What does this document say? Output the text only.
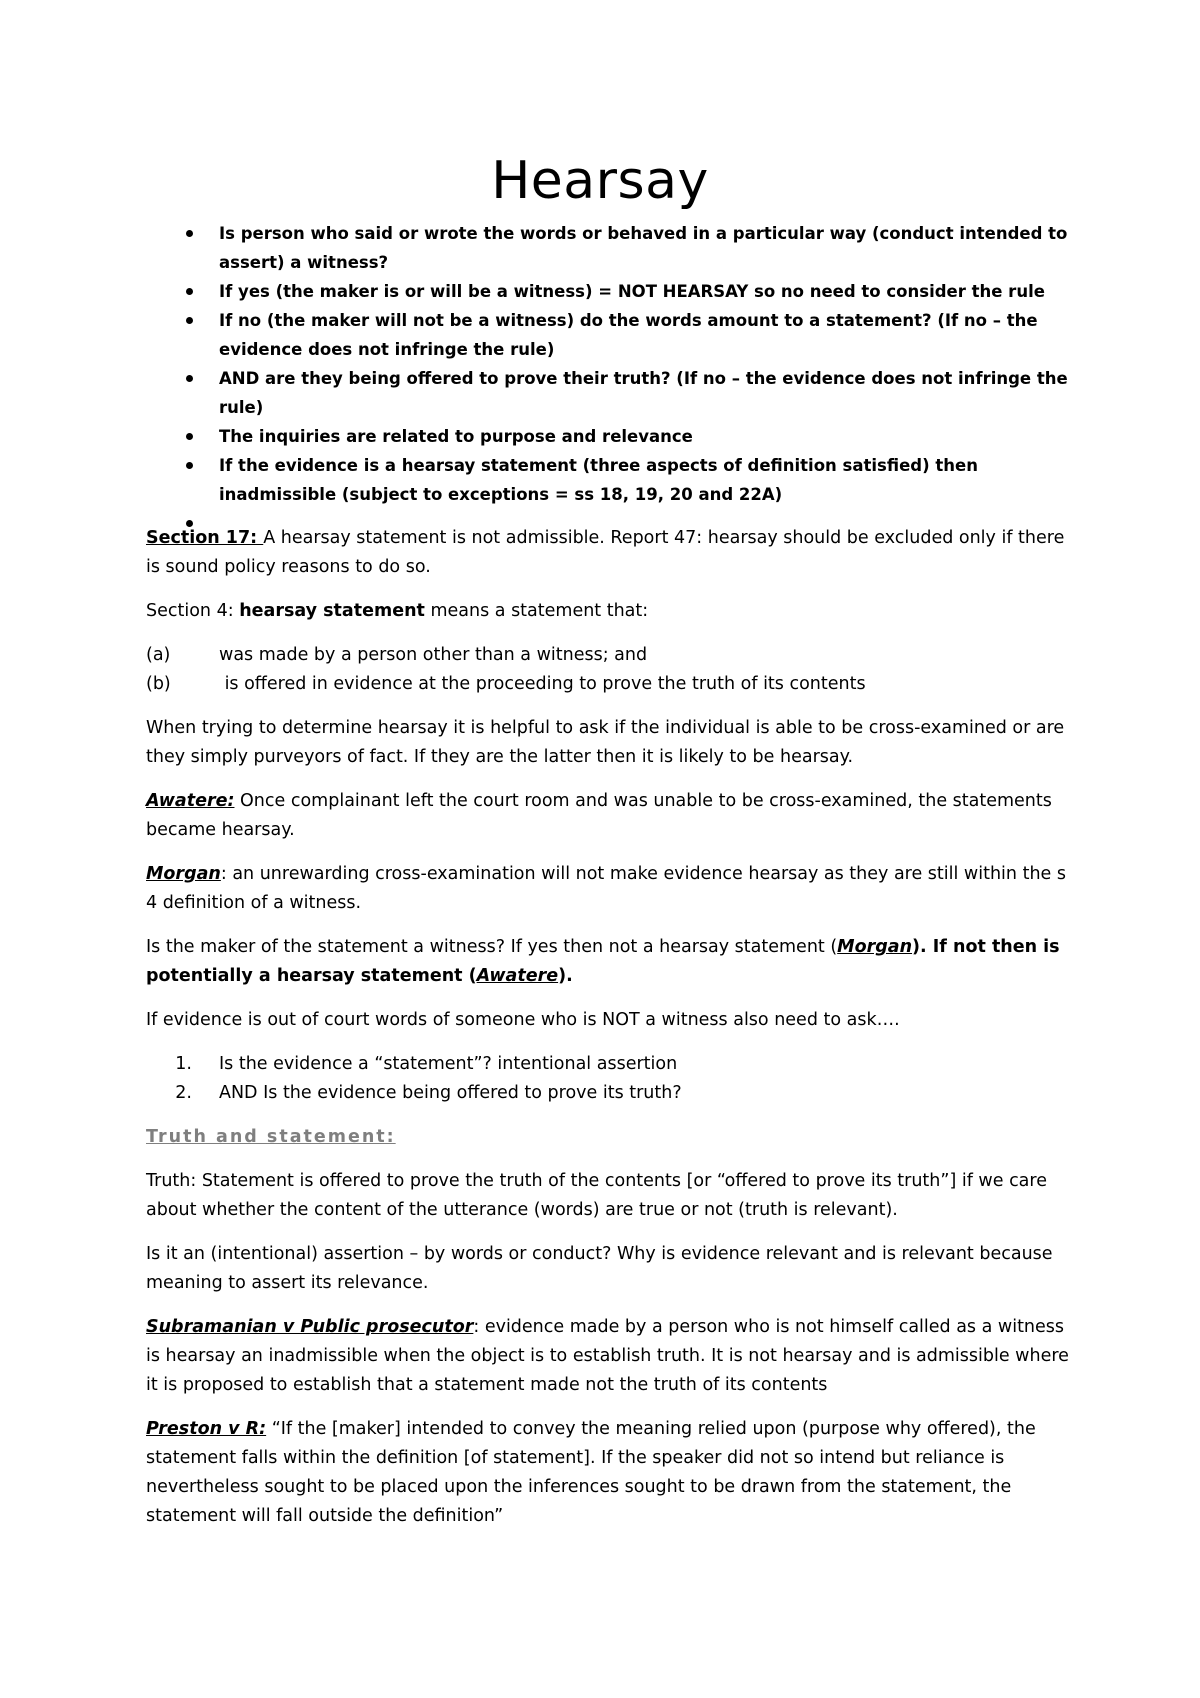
Hearsay
Is person who said or wrote the words or behaved in a particular way (conduct intended to assert) a witness?
If yes (the maker is or will be a witness) = NOT HEARSAY so no need to consider the rule
If no (the maker will not be a witness) do the words amount to a statement? (If no – the evidence does not infringe the rule)
AND are they being offered to prove their truth? (If no – the evidence does not infringe the rule)
The inquiries are related to purpose and relevance
If the evidence is a hearsay statement (three aspects of definition satisfied) then inadmissible (subject to exceptions = ss 18, 19, 20 and 22A)

Section 17: A hearsay statement is not admissible. Report 47: hearsay should be excluded only if there is sound policy reasons to do so.

Section 4: hearsay statement means a statement that:

(a)	was made by a person other than a witness; and
(b)	is offered in evidence at the proceeding to prove the truth of its contents

When trying to determine hearsay it is helpful to ask if the individual is able to be cross-examined or are they simply purveyors of fact. If they are the latter then it is likely to be hearsay.

Awatere: Once complainant left the court room and was unable to be cross-examined, the statements became hearsay.

Morgan: an unrewarding cross-examination will not make evidence hearsay as they are still within the s 4 definition of a witness.

Is the maker of the statement a witness? If yes then not a hearsay statement (Morgan). If not then is potentially a hearsay statement (Awatere).

If evidence is out of court words of someone who is NOT a witness also need to ask….

1. Is the evidence a “statement”? intentional assertion
2. AND Is the evidence being offered to prove its truth?

Truth and statement:

Truth: Statement is offered to prove the truth of the contents [or “offered to prove its truth”] if we care about whether the content of the utterance (words) are true or not (truth is relevant).

Is it an (intentional) assertion – by words or conduct? Why is evidence relevant and is relevant because meaning to assert its relevance.

Subramanian v Public prosecutor: evidence made by a person who is not himself called as a witness is hearsay an inadmissible when the object is to establish truth. It is not hearsay and is admissible where it is proposed to establish that a statement made not the truth of its contents

Preston v R: “If the [maker] intended to convey the meaning relied upon (purpose why offered), the statement falls within the definition [of statement]. If the speaker did not so intend but reliance is nevertheless sought to be placed upon the inferences sought to be drawn from the statement, the statement will fall outside the definition”
